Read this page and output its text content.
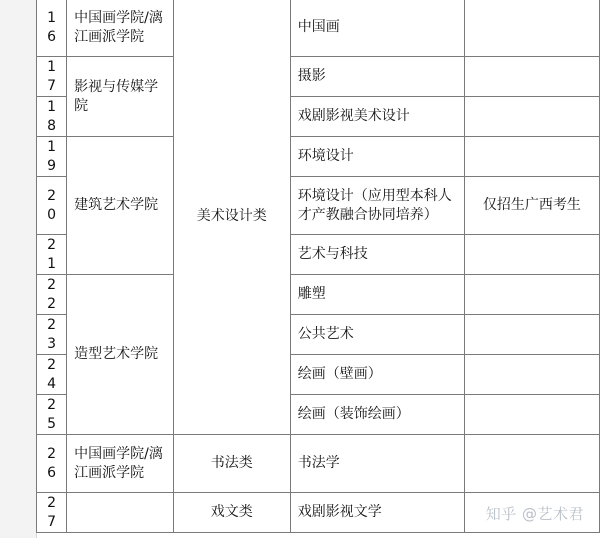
1
6	中国画学院/漓江画派学院	美术设计类	中国画	

1
7	影视与传媒学院		摄影	

1
8			戏剧影视美术设计	

1
9	建筑艺术学院		环境设计	

2
0			环境设计（应用型本科人才产教融合协同培养）	仅招生广西考生

2
1			艺术与科技	

2
2	造型艺术学院		雕塑	

2
3			公共艺术	

2
4			绘画（壁画）	

2
5			绘画（装饰绘画）	

2
6	中国画学院/漓江画派学院	书法类	书法学	

2
7		戏文类	戏剧影视文学		知乎 @艺术君
